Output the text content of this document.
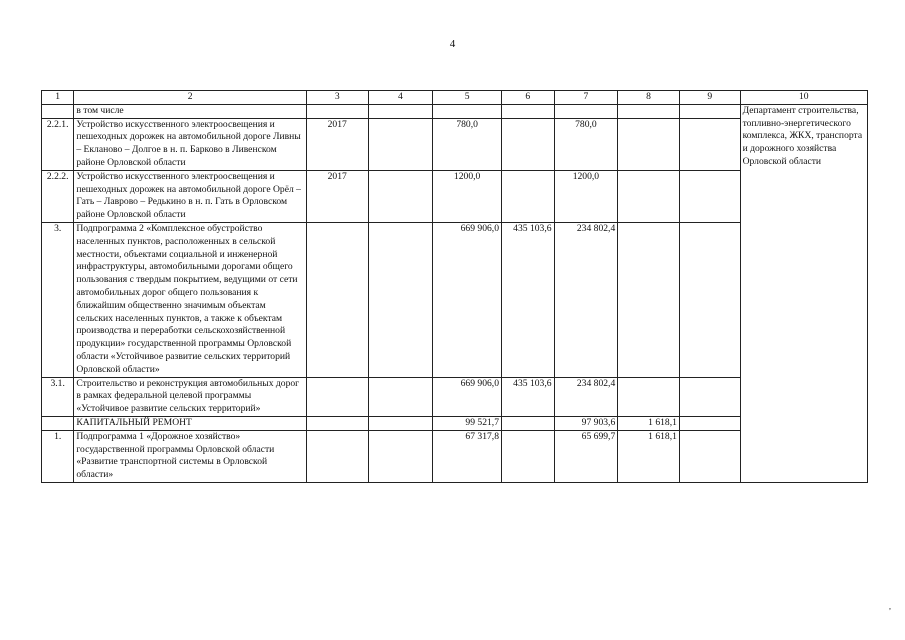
4
1	2	3	4	5	6	7	8	9	10
	в том числе								Департамент строительства, топливно-энергетического комплекса, ЖКХ, транспорта и дорожного хозяйства Орловской области
2.2.1.	Устройство искусственного электроосвещения и пешеходных дорожек на автомобильной дороге Ливны – Екланово – Долгое в н. п. Барково в Ливенском районе Орловской области	2017		780,0		780,0			
2.2.2.	Устройство искусственного электроосвещения и пешеходных дорожек на автомобильной дороге Орёл – Гать – Лаврово – Редькино в н. п. Гать в Орловском районе Орловской области	2017		1200,0		1200,0			
3.	Подпрограмма 2 «Комплексное обустройство населенных пунктов, расположенных в сельской местности, объектами социальной и инженерной инфраструктуры, автомобильными дорогами общего пользования с твердым покрытием, ведущими от сети автомобильных дорог общего пользования к ближайшим общественно значимым объектам сельских населенных пунктов, а также к объектам производства и переработки сельскохозяйственной продукции» государственной программы Орловской области «Устойчивое развитие сельских территорий Орловской области»			669 906,0	435 103,6	234 802,4			
3.1.	Строительство и реконструкция автомобильных дорог в рамках федеральной целевой программы «Устойчивое развитие сельских территорий»			669 906,0	435 103,6	234 802,4			
	КАПИТАЛЬНЫЙ РЕМОНТ			99 521,7		97 903,6	1 618,1		
1.	Подпрограмма 1 «Дорожное хозяйство» государственной программы Орловской области «Развитие транспортной системы в Орловской области»			67 317,8		65 699,7	1 618,1		
,
